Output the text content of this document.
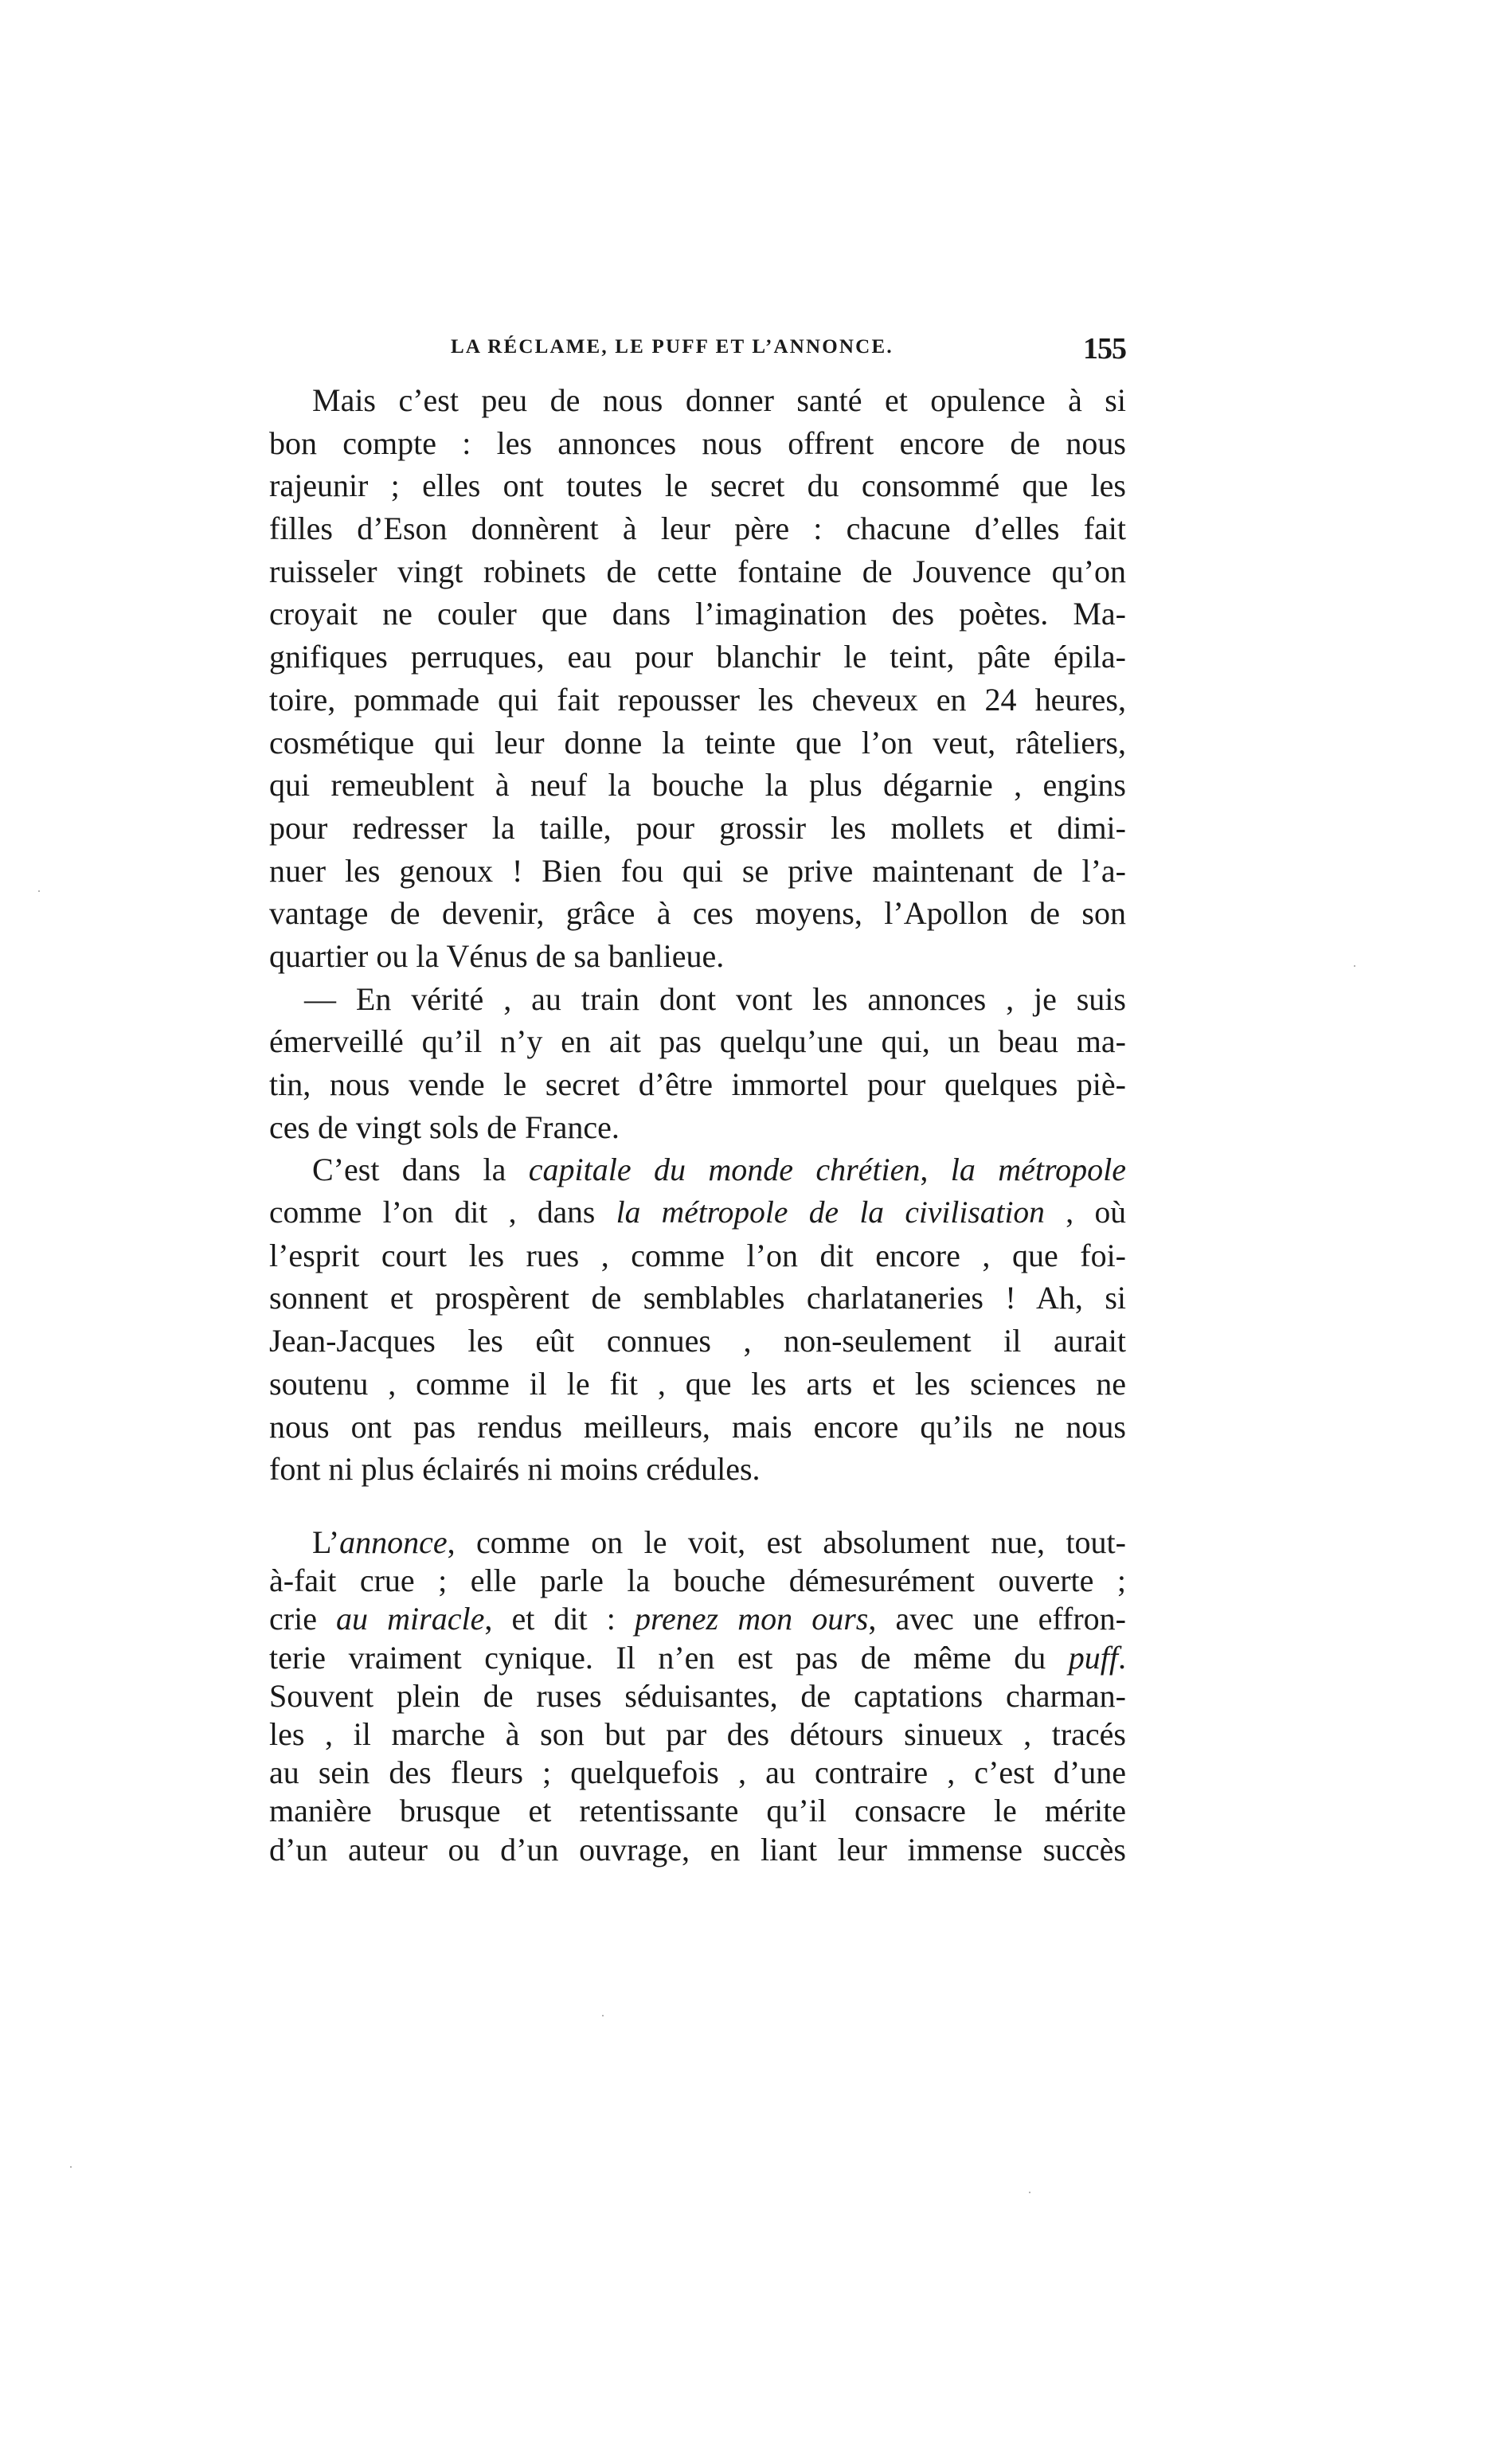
LA RÉCLAME, LE PUFF ET L’ANNONCE.	155
Mais c’est peu de nous donner santé et opulence à si
bon compte : les annonces nous offrent encore de nous
rajeunir ; elles ont toutes le secret du consommé que les
filles d’Eson donnèrent à leur père : chacune d’elles fait
ruisseler vingt robinets de cette fontaine de Jouvence qu’on
croyait ne couler que dans l’imagination des poètes. Ma-
gnifiques perruques, eau pour blanchir le teint, pâte épila-
toire, pommade qui fait repousser les cheveux en 24 heures,
cosmétique qui leur donne la teinte que l’on veut, râteliers,
qui remeublent à neuf la bouche la plus dégarnie , engins
pour redresser la taille, pour grossir les mollets et dimi-
nuer les genoux ! Bien fou qui se prive maintenant de l’a-
vantage de devenir, grâce à ces moyens, l’Apollon de son
quartier ou la Vénus de sa banlieue.
— En vérité , au train dont vont les annonces , je suis
émerveillé qu’il n’y en ait pas quelqu’une qui, un beau ma-
tin, nous vende le secret d’être immortel pour quelques piè-
ces de vingt sols de France.
C’est dans la capitale du monde chrétien, la métropole
comme l’on dit , dans la métropole de la civilisation , où
l’esprit court les rues , comme l’on dit encore , que foi-
sonnent et prospèrent de semblables charlataneries ! Ah, si
Jean-Jacques les eût connues , non-seulement il aurait
soutenu , comme il le fit , que les arts et les sciences ne
nous ont pas rendus meilleurs, mais encore qu’ils ne nous
font ni plus éclairés ni moins crédules.
L’annonce, comme on le voit, est absolument nue, tout-
à-fait crue ; elle parle la bouche démesurément ouverte ;
crie au miracle, et dit : prenez mon ours, avec une effron-
terie vraiment cynique. Il n’en est pas de même du puff.
Souvent plein de ruses séduisantes, de captations charman-
les , il marche à son but par des détours sinueux , tracés
au sein des fleurs ; quelquefois , au contraire , c’est d’une
manière brusque et retentissante qu’il consacre le mérite
d’un auteur ou d’un ouvrage, en liant leur immense succès
